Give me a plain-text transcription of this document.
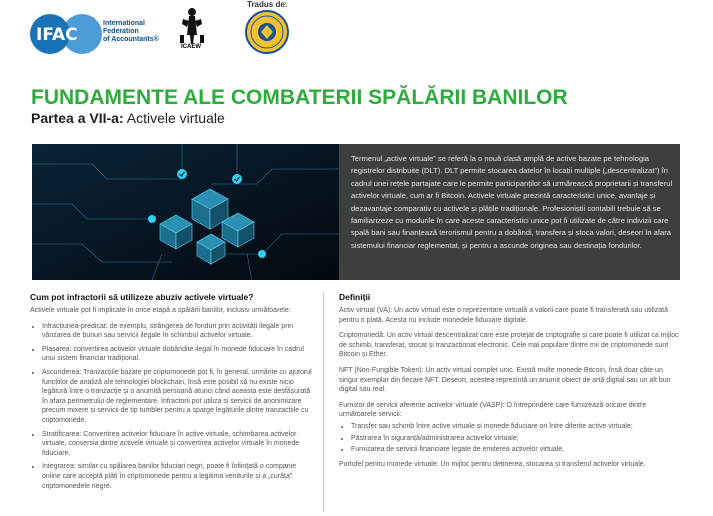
IFAC
International
Federation
of Accountants®
ICAEW
Tradus de:
FUNDAMENTE ALE COMBATERII SPĂLĂRII BANILOR
Partea a VII-a: Activele virtuale
Termenul „active virtuale” se referă la o nouă clasă amplă de active bazate pe tehnologia registrelor distribuite (DLT). DLT permite stocarea datelor în locații multiple („descentralizat”) în cadrul unei rețele partajate care le permite participanților să urmărească proprietarii și transferul activelor virtuale, cum ar fi Bitcoin. Activele virtuale prezintă caracteristici unice, avantaje și dezavantaje comparativ cu activele și plățile tradiționale. Profesioniștii contabili trebuie să se familiarizeze cu modurile în care aceste caracteristici unice pot fi utilizate de către indivizii care spală bani sau finanțează terorismul pentru a dobândi, transfera și stoca valori, deseori în afara sistemului financiar reglementat, și pentru a ascunde originea sau destinația fondurilor.
Cum pot infractorii să utilizeze abuziv activele virtuale?

Activele virtuale pot fi implicate în orice etapă a spălării banilor, inclusiv următoarele:

• Infracțiunea-predicat: de exemplu, strângerea de fonduri prin activități ilegale prin vânzarea de bunuri sau servicii ilegale în schimbul activelor virtuale.
• Plasarea: convertirea activelor virtuale dobândite ilegal în monede fiduciare în cadrul unui sistem financiar tradițional.
• Ascunderea: Tranzacțiile bazate pe criptomonede pot fi, în general, urmărite cu ajutorul funcțiilor de analiză ale tehnologiei blockchain, însă este posibil să nu existe nicio legătură între o tranzacție și o anumită persoană atunci când aceasta este desfășurată în afara perimetrului de reglementare. Infractorii pot utiliza și servicii de anonimizare precum mixere și servicii de tip tumbler pentru a sparge legăturile dintre tranzacțiile cu criptomonede.
• Stratificarea: Convertirea activelor fiduciare în active virtuale, schimbarea activelor virtuale, conversia dintre activele virtuale și convertirea activelor virtuale în monede fiduciare.
• Integrarea: similar cu spălarea banilor fiduciari negri, poate fi înființată o companie online care acceptă plăți în criptomonede pentru a legitima veniturile și a „curăța” criptomonedele negre.
Definiții

Activ virtual (VA): Un activ virtual este o reprezentare virtuală a valorii care poate fi transferată sau utilizată pentru o plată. Acesta nu include monedele fiduciare digitale.

Criptomonedă: Un activ virtual descentralizat care este protejat de criptografie și care poate fi utilizat ca mijloc de schimb, transferat, stocat și tranzacționat electronic. Cele mai populare dintre mii de criptomonede sunt Bitcoin și Ether.

NFT (Non-Fungible Token): Un activ virtual complet unic. Există multe monede Bitcoin, însă doar câte un singur exemplar din fiecare NFT. Deseori, acestea reprezintă un anumit obiect de artă digital sau un alt bun digital sau real.

Furnizor de servicii aferente activelor virtuale (VASP): O întreprindere care furnizează oricare dintre următoarele servicii:

• Transfer sau schimb între active virtuale și monede fiduciare ori între diferite active virtuale;
• Păstrarea în siguranță/administrarea activelor virtuale;
• Furnizarea de servicii financiare legate de emiterea activelor virtuale.

Portofel pentru monede virtuale: Un mijloc pentru deținerea, stocarea și transferul activelor virtuale.
